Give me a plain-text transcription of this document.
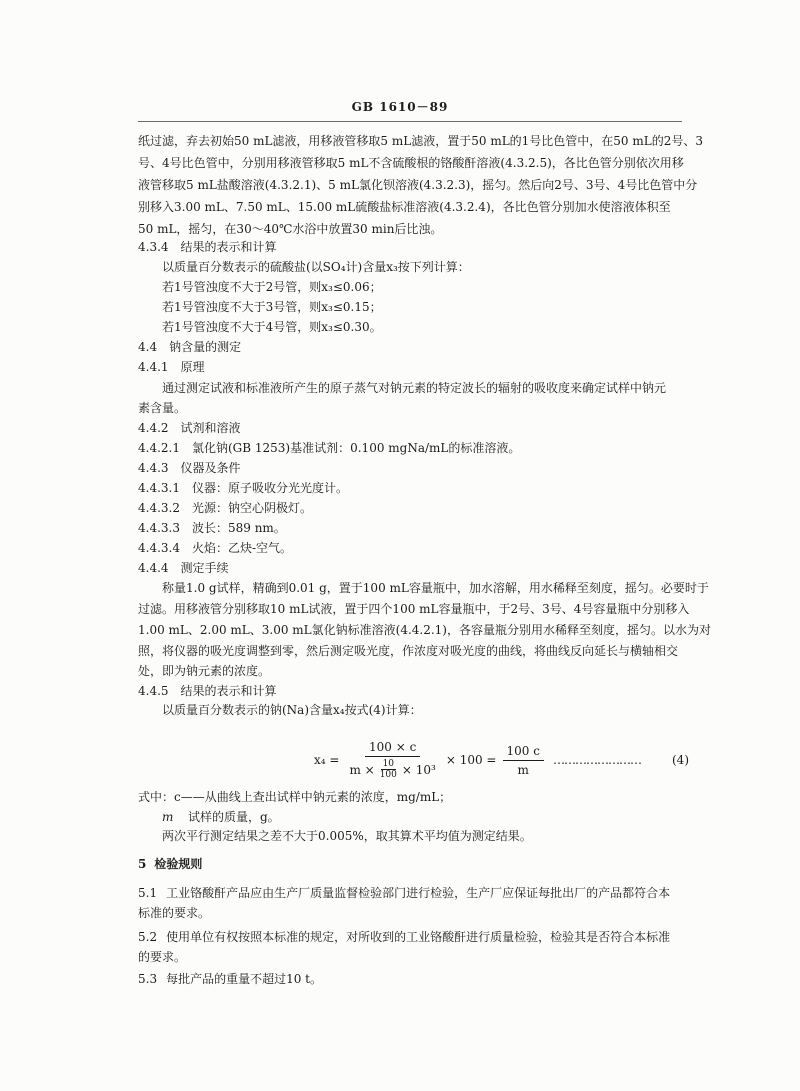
GB 1610－89
纸过滤，弃去初始50 mL滤液，用移液管移取5 mL滤液，置于50 mL的1号比色管中，在50 mL的2号、3
号、4号比色管中，分别用移液管移取5 mL不含硫酸根的铬酸酐溶液(4.3.2.5)，各比色管分别依次用移
液管移取5 mL盐酸溶液(4.3.2.1)、5 mL氯化钡溶液(4.3.2.3)，摇匀。然后向2号、3号、4号比色管中分
别移入3.00 mL、7.50 mL、15.00 mL硫酸盐标准溶液(4.3.2.4)，各比色管分别加水使溶液体积至
50 mL，摇匀，在30～40℃水浴中放置30 min后比浊。
4.3.4 结果的表示和计算
以质量百分数表示的硫酸盐(以SO₄计)含量x₃按下列计算：
若1号管浊度不大于2号管，则x₃≤0.06；
若1号管浊度不大于3号管，则x₃≤0.15；
若1号管浊度不大于4号管，则x₃≤0.30。
4.4 钠含量的测定
4.4.1 原理
通过测定试液和标准液所产生的原子蒸气对钠元素的特定波长的辐射的吸收度来确定试样中钠元
素含量。
4.4.2 试剂和溶液
4.4.2.1 氯化钠(GB 1253)基准试剂：0.100 mgNa/mL的标准溶液。
4.4.3 仪器及条件
4.4.3.1 仪器：原子吸收分光光度计。
4.4.3.2 光源：钠空心阴极灯。
4.4.3.3 波长：589 nm。
4.4.3.4 火焰：乙炔-空气。
4.4.4 测定手续
称量1.0 g试样，精确到0.01 g，置于100 mL容量瓶中，加水溶解，用水稀释至刻度，摇匀。必要时于
过滤。用移液管分别移取10 mL试液，置于四个100 mL容量瓶中，于2号、3号、4号容量瓶中分别移入
1.00 mL、2.00 mL、3.00 mL氯化钠标准溶液(4.4.2.1)，各容量瓶分别用水稀释至刻度，摇匀。以水为对
照，将仪器的吸光度调整到零，然后测定吸光度，作浓度对吸光度的曲线，将曲线反向延长与横轴相交
处，即为钠元素的浓度。
4.4.5 结果的表示和计算
以质量百分数表示的钠(Na)含量x₄按式(4)计算：
x₄ =
100 × c
$m \times \frac{10}{100} \times 10^3$
× $100 = \frac{100 c}{m}$ ……………………	(4)
式中：c——从曲线上查出试样中钠元素的浓度，mg/mL；
m 试样的质量，g。
两次平行测定结果之差不大于0.005%，取其算术平均值为测定结果。
5 检验规则
5.1 工业铬酸酐产品应由生产厂质量监督检验部门进行检验，生产厂应保证每批出厂的产品都符合本
标准的要求。
5.2 使用单位有权按照本标准的规定，对所收到的工业铬酸酐进行质量检验，检验其是否符合本标准
的要求。
5.3 每批产品的重量不超过10 t。
